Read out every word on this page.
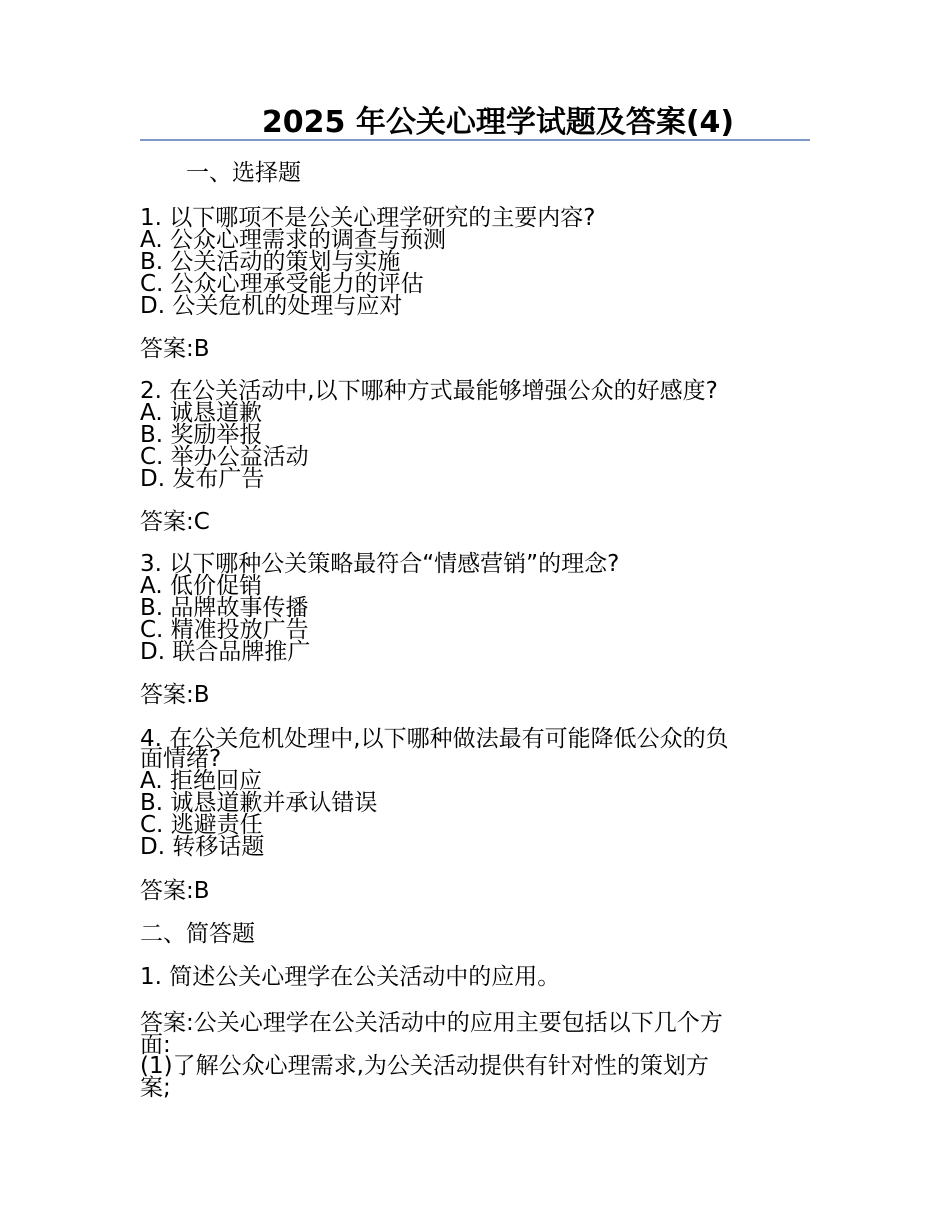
2025 年公关心理学试题及答案(4)

一、选择题

1. 以下哪项不是公关心理学研究的主要内容?

A. 公众心理需求的调查与预测

B. 公关活动的策划与实施

C. 公众心理承受能力的评估

D. 公关危机的处理与应对

答案:B

2. 在公关活动中,以下哪种方式最能够增强公众的好感度?

A. 诚恳道歉

B. 奖励举报

C. 举办公益活动

D. 发布广告

答案:C

3. 以下哪种公关策略最符合“情感营销”的理念?

A. 低价促销

B. 品牌故事传播

C. 精准投放广告

D. 联合品牌推广

答案:B

4. 在公关危机处理中,以下哪种做法最有可能降低公众的负

面情绪?

A. 拒绝回应

B. 诚恳道歉并承认错误

C. 逃避责任

D. 转移话题

答案:B

二、简答题

1. 简述公关心理学在公关活动中的应用。

答案:公关心理学在公关活动中的应用主要包括以下几个方

面:

(1)了解公众心理需求,为公关活动提供有针对性的策划方

案;
